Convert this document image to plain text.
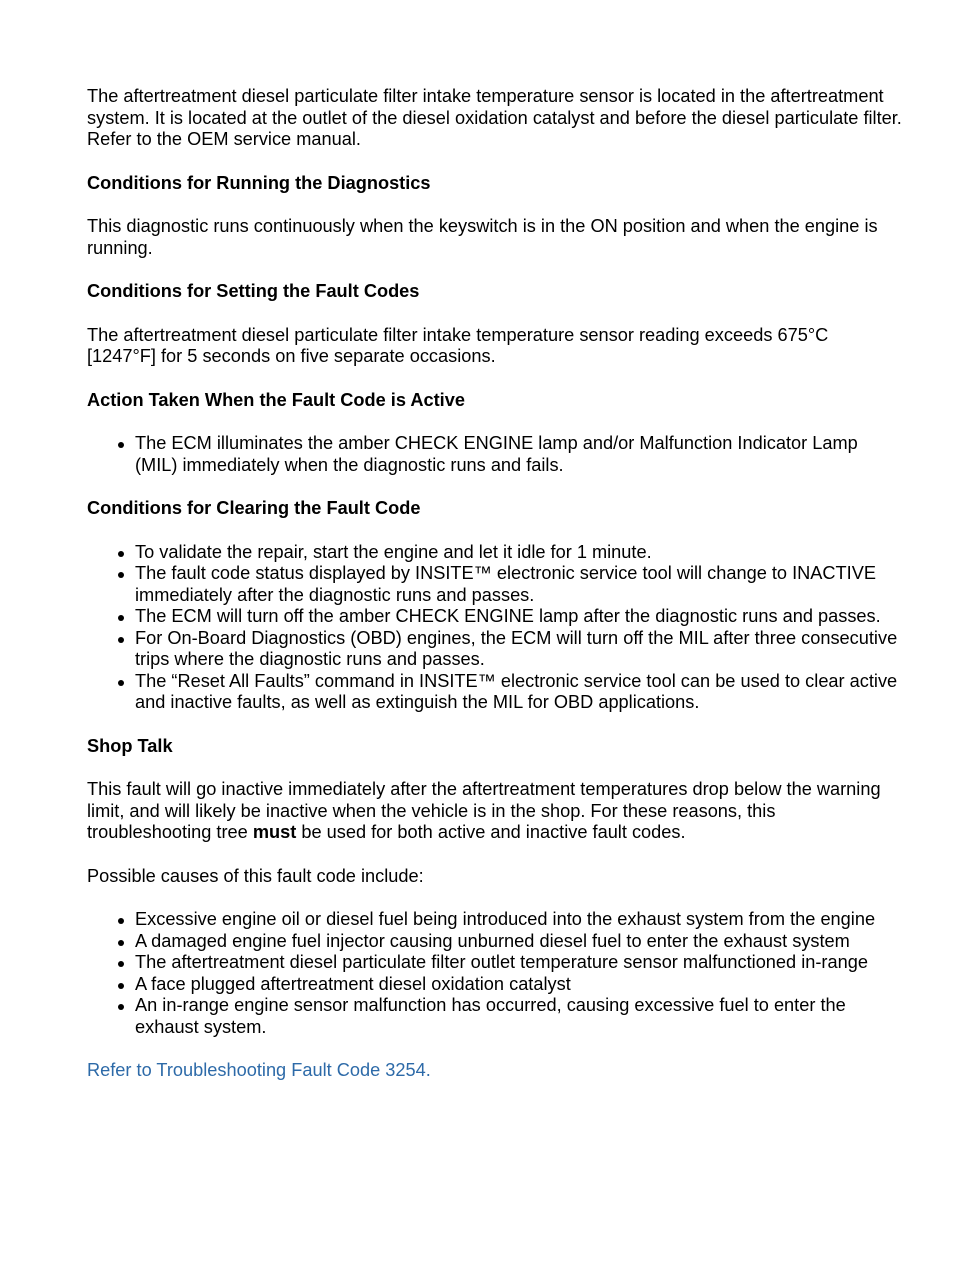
The aftertreatment diesel particulate filter intake temperature sensor is located in the aftertreatment system. It is located at the outlet of the diesel oxidation catalyst and before the diesel particulate filter. Refer to the OEM service manual.

Conditions for Running the Diagnostics

This diagnostic runs continuously when the keyswitch is in the ON position and when the engine is running.

Conditions for Setting the Fault Codes

The aftertreatment diesel particulate filter intake temperature sensor reading exceeds 675°C [1247°F] for 5 seconds on five separate occasions.

Action Taken When the Fault Code is Active
The ECM illuminates the amber CHECK ENGINE lamp and/or Malfunction Indicator Lamp (MIL) immediately when the diagnostic runs and fails.
Conditions for Clearing the Fault Code
To validate the repair, start the engine and let it idle for 1 minute.
The fault code status displayed by INSITE™ electronic service tool will change to INACTIVE immediately after the diagnostic runs and passes.
The ECM will turn off the amber CHECK ENGINE lamp after the diagnostic runs and passes.
For On-Board Diagnostics (OBD) engines, the ECM will turn off the MIL after three consecutive trips where the diagnostic runs and passes.
The “Reset All Faults” command in INSITE™ electronic service tool can be used to clear active and inactive faults, as well as extinguish the MIL for OBD applications.
Shop Talk

This fault will go inactive immediately after the aftertreatment temperatures drop below the warning limit, and will likely be inactive when the vehicle is in the shop. For these reasons, this troubleshooting tree must be used for both active and inactive fault codes.

Possible causes of this fault code include:

Excessive engine oil or diesel fuel being introduced into the exhaust system from the engine
A damaged engine fuel injector causing unburned diesel fuel to enter the exhaust system
The aftertreatment diesel particulate filter outlet temperature sensor malfunctioned in-range
A face plugged aftertreatment diesel oxidation catalyst
An in-range engine sensor malfunction has occurred, causing excessive fuel to enter the exhaust system.

Refer to Troubleshooting Fault Code 3254.
